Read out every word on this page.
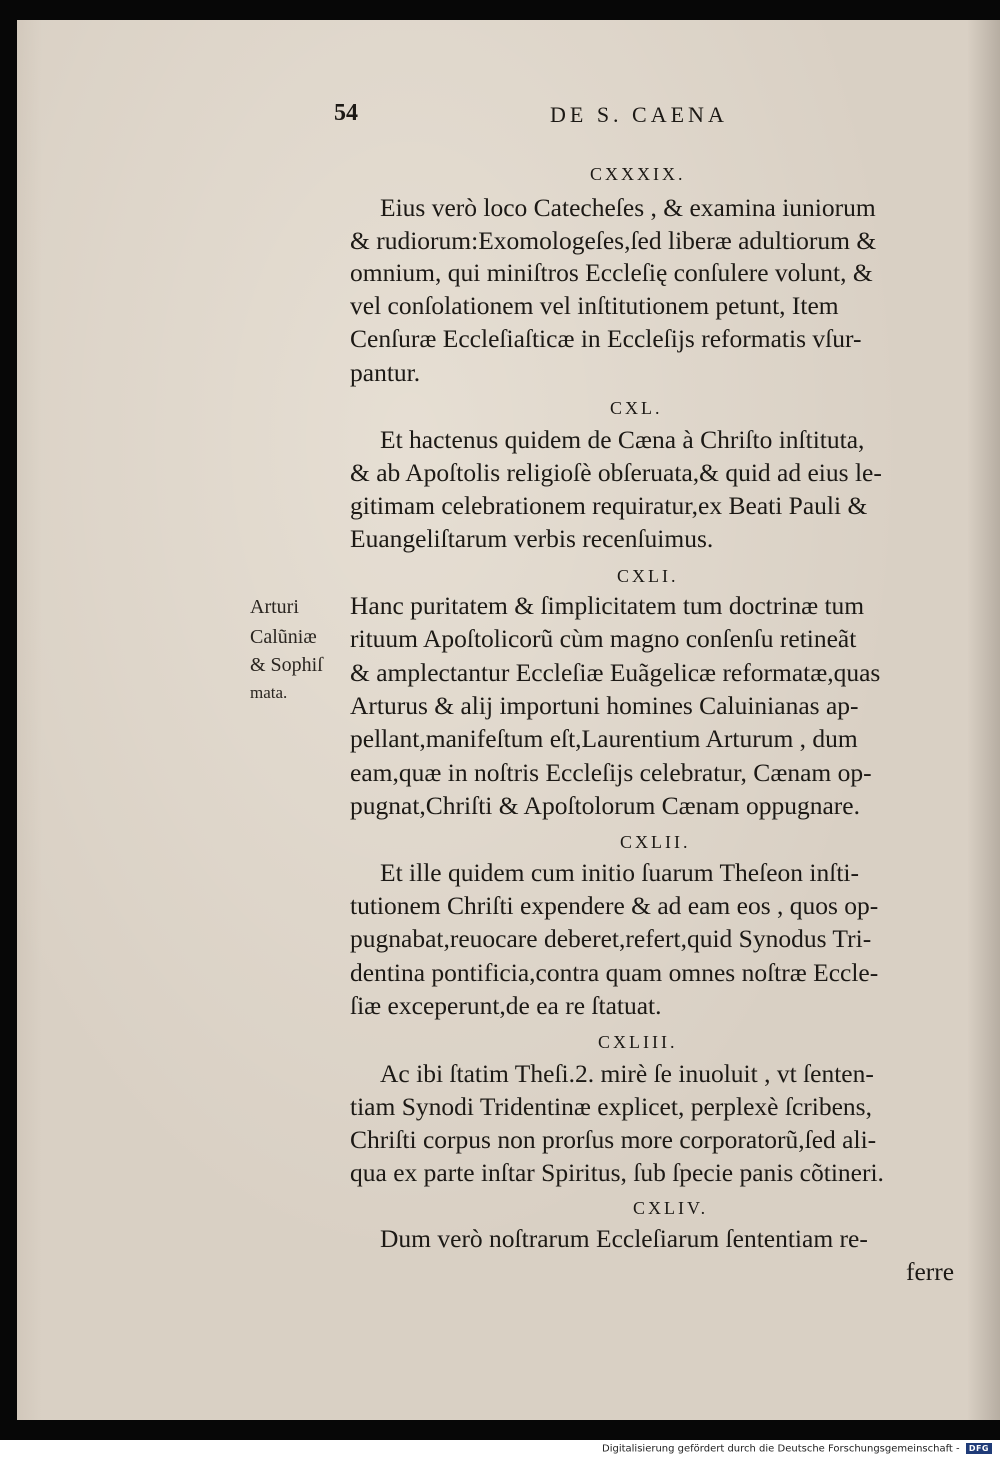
54	DE S. CAENA
CXXXIX.
Eius verò loco Catecheſes , & examina iuniorum
& rudiorum:Exomologeſes,ſed liberæ adultiorum &
omnium, qui miniſtros Eccleſię conſulere volunt, &
vel conſolationem vel inſtitutionem petunt, Item
Cenſuræ Eccleſiaſticæ in Eccleſijs reformatis vſur-
pantur.
CXL.
Et hactenus quidem de Cæna à Chriſto inſtituta,
& ab Apoſtolis religioſè obſeruata,& quid ad eius le-
gitimam celebrationem requiratur,ex Beati Pauli &
Euangeliſtarum verbis recenſuimus.
CXLI.
Hanc puritatem & ſimplicitatem tum doctrinæ tum
rituum Apoſtolicorũ cùm magno conſenſu retineãt
& amplectantur Eccleſiæ Euãgelicæ reformatæ,quas
Arturus & alij importuni homines Caluinianas ap-
pellant,manifeſtum eſt,Laurentium Arturum , dum
eam,quæ in noſtris Eccleſijs celebratur, Cænam op-
pugnat,Chriſti & Apoſtolorum Cænam oppugnare.
Arturi
Calũniæ
& Sophiſ
mata.
CXLII.
Et ille quidem cum initio ſuarum Theſeon inſti-
tutionem Chriſti expendere & ad eam eos , quos op-
pugnabat,reuocare deberet,refert,quid Synodus Tri-
dentina pontificia,contra quam omnes noſtræ Eccle-
ſiæ exceperunt,de ea re ſtatuat.
CXLIII.
Ac ibi ſtatim Theſi.2. mirè ſe inuoluit , vt ſenten-
tiam Synodi Tridentinæ explicet, perplexè ſcribens,
Chriſti corpus non prorſus more corporatorũ,ſed ali-
qua ex parte inſtar Spiritus, ſub ſpecie panis cõtineri.
CXLIV.
Dum verò noſtrarum Eccleſiarum ſententiam re-
ferre
Digitalisierung gefördert durch die Deutsche Forschungsgemeinschaft - DFG
